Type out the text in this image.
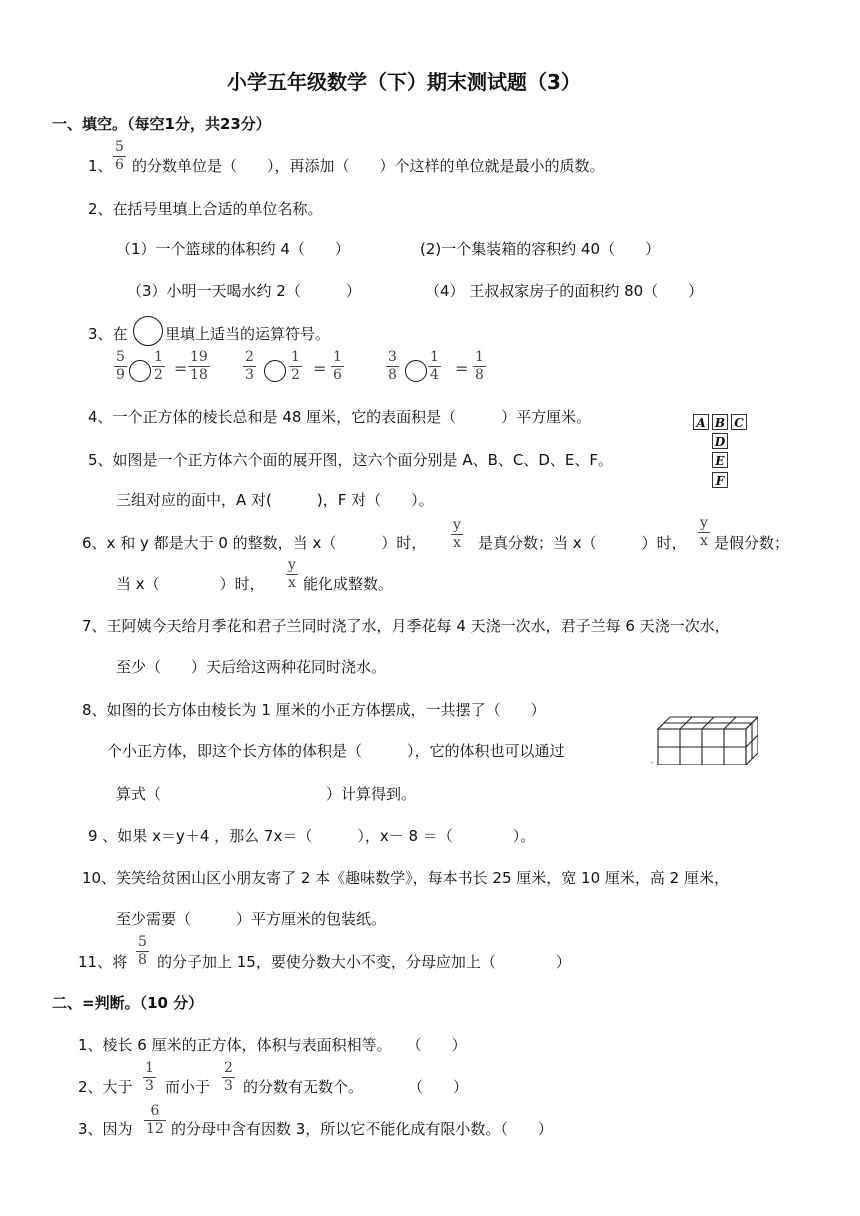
小学五年级数学（下）期末测试题（3）
一、填空。（每空1分，共23分）
1、
5
6 的分数单位是（　　），再添加（　　）个这样的单位就是最小的质数。
2、在括号里填上合适的单位名称。
（1）一个篮球的体积约 4（　　）	(2)一个集装箱的容积约 40（　　）
（3）小明一天喝水约 2（　　　）	（4） 王叔叔家房子的面积约 80（　　）
3、在 里填上适当的运算符号。
5
9
1
2 =
19
18
2
3
1
2 =
1
6
3
8
1
4 =
1
8
4、一个正方体的棱长总和是 48 厘米，它的表面积是（　　　）平方厘米。	A B C
D
E
F
5、如图是一个正方体六个面的展开图，这六个面分别是 A、B、C、D、E、F。
三组对应的面中，A 对(　　　)，F 对（　　）。
6、x 和 y 都是大于 0 的整数，当 x（　　　）时，
y
x 是真分数；当 x（　　　）时，
y
x 是假分数；
当 x（　　　　）时，
y
x 能化成整数。
7、王阿姨今天给月季花和君子兰同时浇了水，月季花每 4 天浇一次水，君子兰每 6 天浇一次水，
至少（　　）天后给这两种花同时浇水。
8、如图的长方体由棱长为 1 厘米的小正方体摆成，一共摆了（　　）
个小正方体，即这个长方体的体积是（　　　），它的体积也可以通过
算式（　　　　　　　　　　　）计算得到。
、
9 、如果 x＝y＋4 ，那么 7x＝（　　　），x－ 8 ＝（　　　　）。
10、笑笑给贫困山区小朋友寄了 2 本《趣味数学》，每本书长 25 厘米，宽 10 厘米，高 2 厘米，
至少需要（　　　）平方厘米的包装纸。
11、将
5
8 的分子加上 15，要使分数大小不变，分母应加上（　　　　）
二、=判断。（10 分）
1、棱长 6 厘米的正方体，体积与表面积相等。　　（　　）
2、大于
1
3 而小于
2
3 的分数有无数个。　　　　（　　）
3、因为
6
12 的分母中含有因数 3，所以它不能化成有限小数。（　　）
